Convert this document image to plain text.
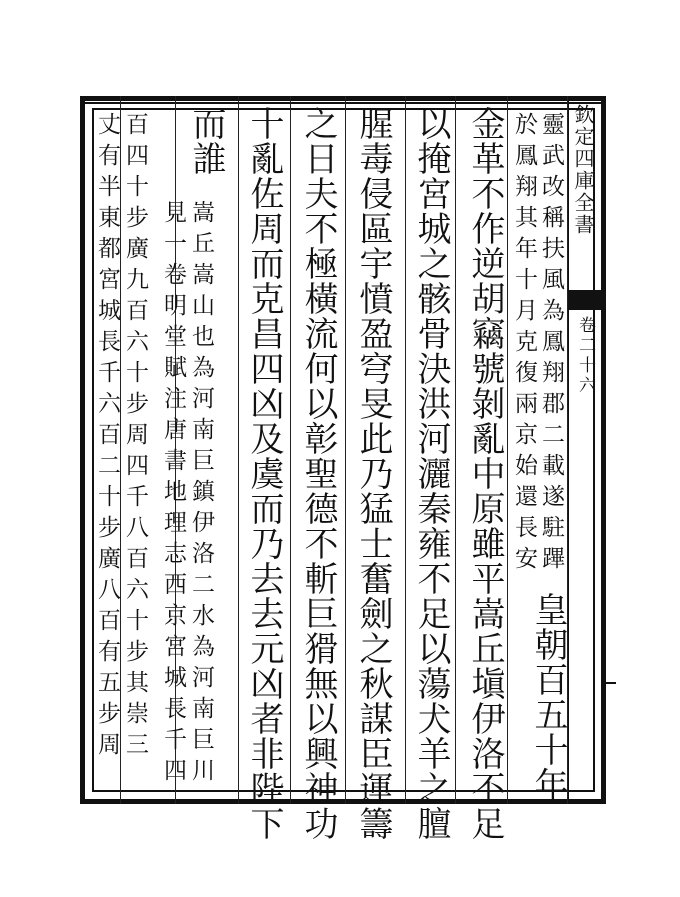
欽定四庫全書
卷二十六
靈武改稱扶風為鳳翔郡二載遂駐蹕
皇朝百五十年
於鳳翔其年十月克復兩京始還長安
金革不作逆胡竊號剝亂中原雖平嵩丘塡伊洛不足
以掩宮城之骸骨決洪河灑秦雍不足以蕩犬羊之膻
腥毒侵區宇憤盈穹旻此乃猛士奮劍之秋謀臣運籌
之日夫不極橫流何以彰聖德不斬巨猾無以興神功
十亂佐周而克昌四凶及虞而乃去去元凶者非陛下
而誰
嵩丘嵩山也為河南巨鎮伊洛二水為河南巨川
見一卷明堂賦注唐書地理志西京宮城長千四
百四十步廣九百六十步周四千八百六十步其崇三
丈有半東都宮城長千六百二十步廣八百有五步周
